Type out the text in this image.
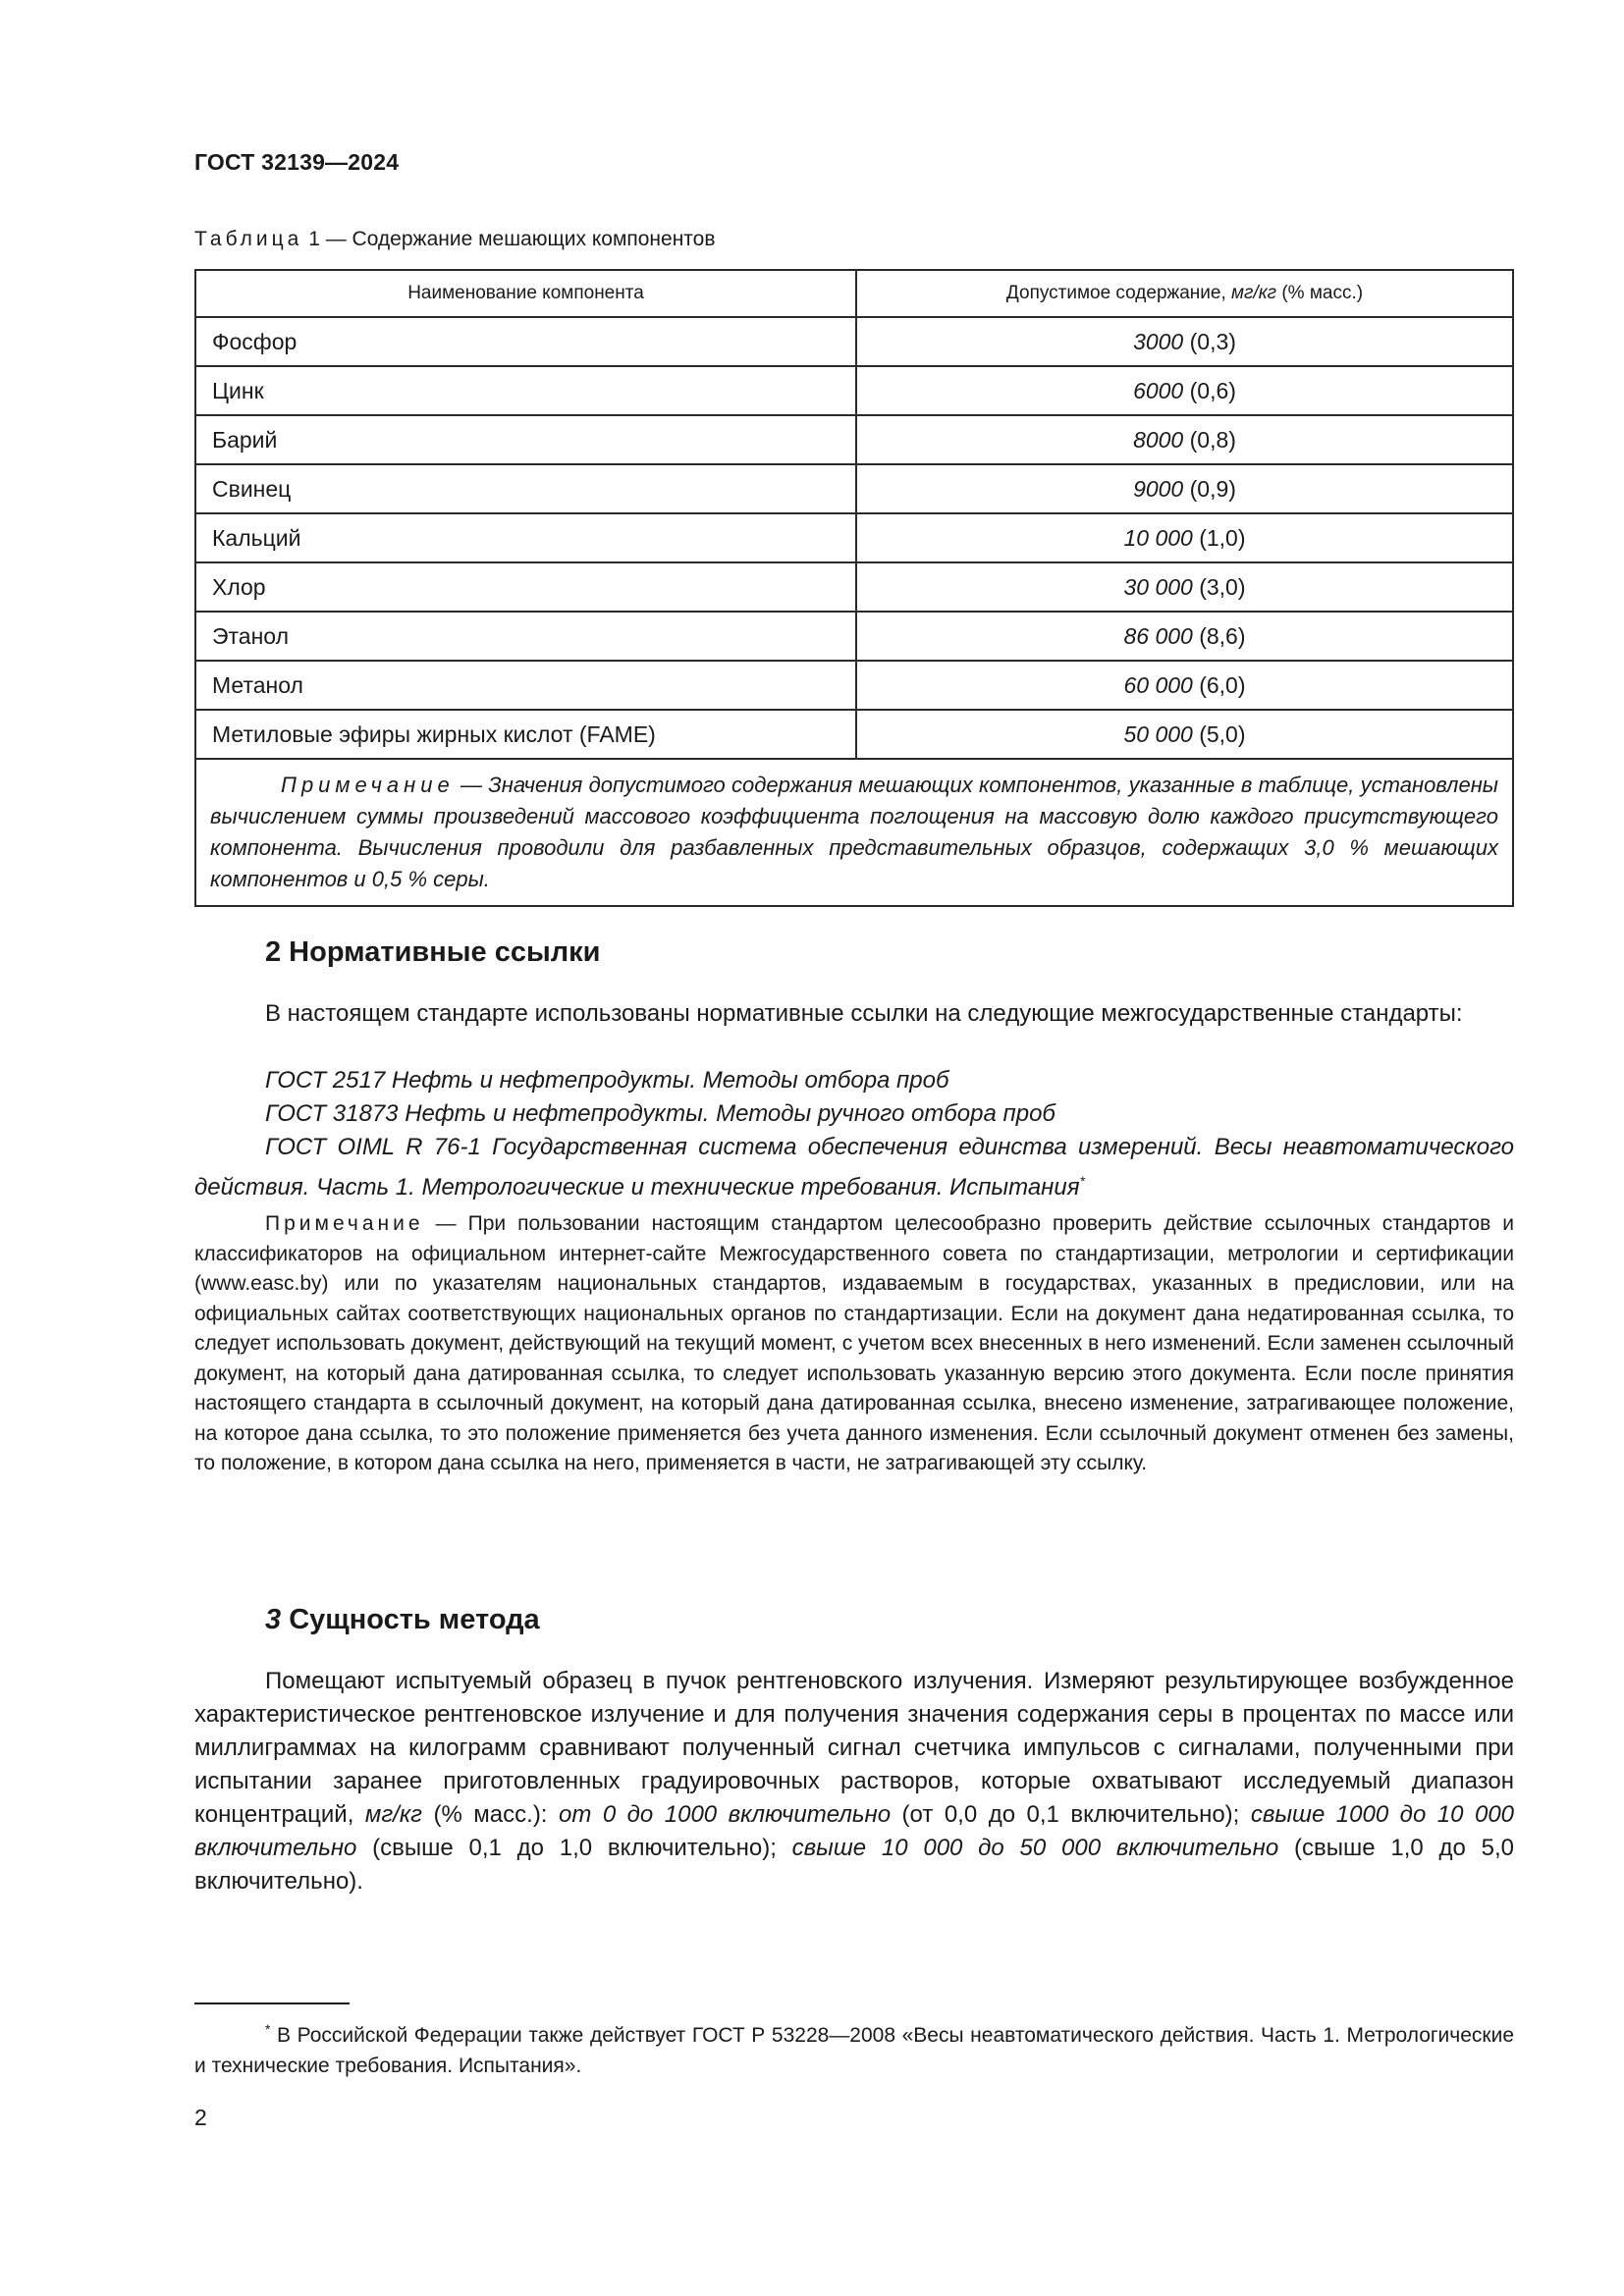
ГОСТ 32139—2024
Таблица 1 — Содержание мешающих компонентов
Наименование компонента	Допустимое содержание, мг/кг (% масс.)
Фосфор	3000 (0,3)
Цинк	6000 (0,6)
Барий	8000 (0,8)
Свинец	9000 (0,9)
Кальций	10 000 (1,0)
Хлор	30 000 (3,0)
Этанол	86 000 (8,6)
Метанол	60 000 (6,0)
Метиловые эфиры жирных кислот (FAME)	50 000 (5,0)
Примечание — Значения допустимого содержания мешающих компонентов, указанные в таблице, установлены вычислением суммы произведений массового коэффициента поглощения на массовую долю каждого присутствующего компонента. Вычисления проводили для разбавленных представительных образцов, содержащих 3,0 % мешающих компонентов и 0,5 % серы.	
2 Нормативные ссылки
В настоящем стандарте использованы нормативные ссылки на следующие межгосударственные стандарты:
ГОСТ 2517 Нефть и нефтепродукты. Методы отбора проб
ГОСТ 31873 Нефть и нефтепродукты. Методы ручного отбора проб
ГОСТ OIML R 76-1 Государственная система обеспечения единства измерений. Весы неавтоматического действия. Часть 1. Метрологические и технические требования. Испытания*
Примечание — При пользовании настоящим стандартом целесообразно проверить действие ссылочных стандартов и классификаторов на официальном интернет-сайте Межгосударственного совета по стандартизации, метрологии и сертификации (www.easc.by) или по указателям национальных стандартов, издаваемым в государствах, указанных в предисловии, или на официальных сайтах соответствующих национальных органов по стандартизации. Если на документ дана недатированная ссылка, то следует использовать документ, действующий на текущий момент, с учетом всех внесенных в него изменений. Если заменен ссылочный документ, на который дана датированная ссылка, то следует использовать указанную версию этого документа. Если после принятия настоящего стандарта в ссылочный документ, на который дана датированная ссылка, внесено изменение, затрагивающее положение, на которое дана ссылка, то это положение применяется без учета данного изменения. Если ссылочный документ отменен без замены, то положение, в котором дана ссылка на него, применяется в части, не затрагивающей эту ссылку.
3 Сущность метода
Помещают испытуемый образец в пучок рентгеновского излучения. Измеряют результирующее возбужденное характеристическое рентгеновское излучение и для получения значения содержания серы в процентах по массе или миллиграммах на килограмм сравнивают полученный сигнал счетчика импульсов с сигналами, полученными при испытании заранее приготовленных градуировочных растворов, которые охватывают исследуемый диапазон концентраций, мг/кг (% масс.): от 0 до 1000 включительно (от 0,0 до 0,1 включительно); свыше 1000 до 10 000 включительно (свыше 0,1 до 1,0 включительно); свыше 10 000 до 50 000 включительно (свыше 1,0 до 5,0 включительно).
* В Российской Федерации также действует ГОСТ Р 53228—2008 «Весы неавтоматического действия. Часть 1. Метрологические и технические требования. Испытания».
2
